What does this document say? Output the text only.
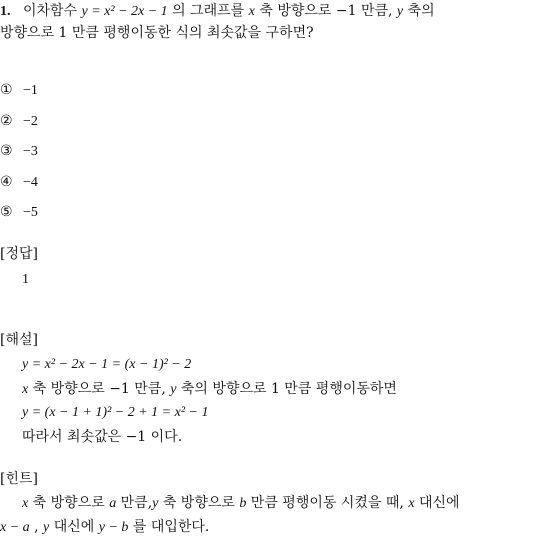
1. 이차함수 y = x² − 2x − 1 의 그래프를 x 축 방향으로 −1 만큼, y 축의
방향으로 1 만큼 평행이동한 식의 최솟값을 구하면?
① −1
② −2
③ −3
④ −4
⑤ −5
[정답]
1
[해설]
y = x² − 2x − 1 = (x − 1)² − 2
x 축 방향으로 −1 만큼, y 축의 방향으로 1 만큼 평행이동하면
y = (x − 1 + 1)² − 2 + 1 = x² − 1
따라서 최솟값은 −1 이다.
[힌트]
x 축 방향으로 a 만큼,y 축 방향으로 b 만큼 평행이동 시켰을 때, x 대신에
x − a , y 대신에 y − b 를 대입한다.
